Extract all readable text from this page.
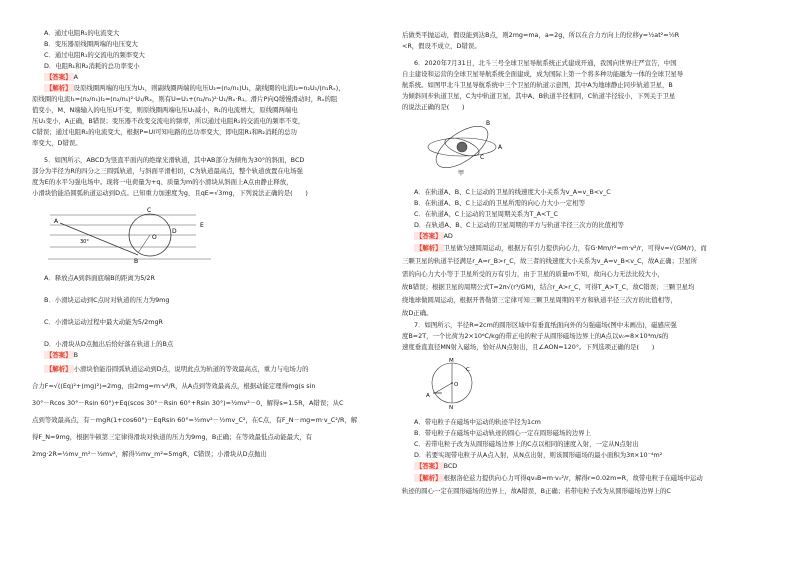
A．通过电阻R₁的电流变大

B．变压器原线圈两端的电压变大

C．通过电阻R₁的交流电的频率变大

D．电阻R₁和R₂消耗的总功率变小

【答案】 A

【解析】 设原线圈两端的电压为U₁，则副线圈两端的电压U₂=(n₂/n₁)U₁，副线圈的电流I₂=n₂U₁/(n₁Rₓ)，

原线圈的电流I₁=(n₂/n₁)I₂=(n₂/n₁)²·U₁/Rₓ，则有U=U₁+(n₂/n₁)²·U₁/Rₓ·R₁。滑片P向Q缓慢滑动时，Rₓ的阻

值变小，M、N端输入的电压U不变，则原线圈两端电压U₁减小，R₁的电流增大，原线圈两端电

压U₁变小，A正确，B错误；变压器不改变交流电的频率，所以通过电阻R₁的交流电的频率不变，

C错误；通过电阻R₁的电流变大，根据P=UI可知电路的总功率变大，即电阻R₁和R₂消耗的总功

率变大，D错误。

5．如图所示，ABCD为竖直平面内的绝缘光滑轨道，其中AB部分为倾角为30°的斜面，BCD

部分为半径为R的四分之三圆弧轨道，与斜面平滑相切，C为轨道最高点，整个轨道放置在电场强

度为E的水平匀强电场中。现将一电荷量为+q、质量为m的小滑块从斜面上A点由静止释放，

小滑块恰能沿圆弧轨道运动到D点。已知重力加速度为g，且qE=√3mg，下列说法正确的是(　　)

A
B
C
D
O
E
30°

A．释放点A到斜面底端B的距离为5/2R

B．小滑块运动到C点时对轨道的压力为9mg

C．小滑块运动过程中最大动能为5/2mgR

D．小滑块从D点抛出后恰好落在轨道上的B点

【答案】 B

【解析】 小滑块恰能沿圆弧轨道运动到D点，说明此点为轨道的等效最高点，重力与电场力的

合力F=√((Eq)²+(mg)²)=2mg，由2mg=m·v²/R，从A点到等效最高点，根据动能定理得mg(s sin

30°－Rcos 30°－Rsin 60°)+Eq(scos 30°－Rsin 60°+Rsin 30°)=½mv²－0，解得s=1.5R，A错误；从C

点到等效最高点，有－mgR(1+cos60°)－EqRsin 60°=½mv²－½mv_C²，在C点，有F_N－mg=m·v_C²/R，解

得F_N=9mg，根据牛顿第三定律得滑块对轨道的压力为9mg，B正确；在等效最低点动能最大，有

2mg·2R=½mv_m²－½mv²，解得½mv_m²=5mgR，C错误；小滑块从D点抛出

后做类平抛运动，假设能到达B点，则2mg=ma，a=2g，所以在合力方向上的位移y=½at²=½R

<R，假设不成立，D错误。

6．2020年7月31日，北斗三号全球卫星导航系统正式建成开通，我国向世界庄严宣告，中国

自主建设和运营的全球卫星导航系统全面建成，成为国际上第一个将多种功能融为一体的全球卫星导

航系统。如图甲北斗卫星导航系统中三个卫星的轨道示意图，其中A为地球静止同步轨道卫星，B

为倾斜同步轨道卫星，C为中轨道卫星，其中A、B轨道半径相同，C轨道半径较小，下列关于卫星

的说法正确的是(　　)

A
B
C
甲

A．在轨道A、B、C上运动的卫星的线速度大小关系为v_A=v_B<v_C

B．在轨道A、B、C上运动的卫星所需的向心力大小一定相等

C．在轨道A、C上运动的卫星周期关系为T_A<T_C

D．在轨道A、B、C上运动的卫星周期的平方与轨道半径三次方的比值相等

【答案】 AD

【解析】 卫星做匀速圆周运动，根据万有引力提供向心力，有G·Mm/r²=m·v²/r，可得v=√(GM/r)，而

三颗卫星的轨道半径满足r_A=r_B>r_C，故三者的线速度大小关系为v_A=v_B<v_C，故A正确；卫星所

需的向心力大小等于卫星所受的万有引力，由于卫星的质量m不知，故向心力无法比较大小，

故B错误；根据卫星的周期公式T=2π√(r³/GM)，结合r_A>r_C，可得T_A>T_C，故C错误；三颗卫星均

绕地球做圆周运动，根据开普勒第三定律可知三颗卫星周期的平方和轨道半径三次方的比值相等，

故D正确。

7．如图所示，半径R=2cm的圆形区域中有垂直纸面向外的匀强磁场(图中未画出)，磁感应强

度B=2T，一个比荷为2×10⁶C/kg的带正电的粒子从圆形磁场边界上的A点以v₀=8×10⁴m/s的

速度垂直直径MN射入磁场，恰好从N点射出，且∠AON=120°。下列选项正确的是(　　)

M
N
O
A
C

A．带电粒子在磁场中运动的轨迹半径为1cm

B．带电粒子在磁场中运动轨迹的圆心一定在圆形磁场的边界上

C．若带电粒子改为从圆形磁场边界上的C点以相同的速度入射，一定从N点射出

D．若要实现带电粒子从A点入射，从N点出射，则该圆形磁场的最小面积为3π×10⁻⁴m²

【答案】 BCD

【解析】 根据洛伦兹力提供向心力可得qv₀B=m·v₀²/r，解得r=0.02m=R，故带电粒子在磁场中运动

轨迹的圆心一定在圆形磁场的边界上，故A错误，B正确；若带电粒子改为从圆形磁场边界上的C
